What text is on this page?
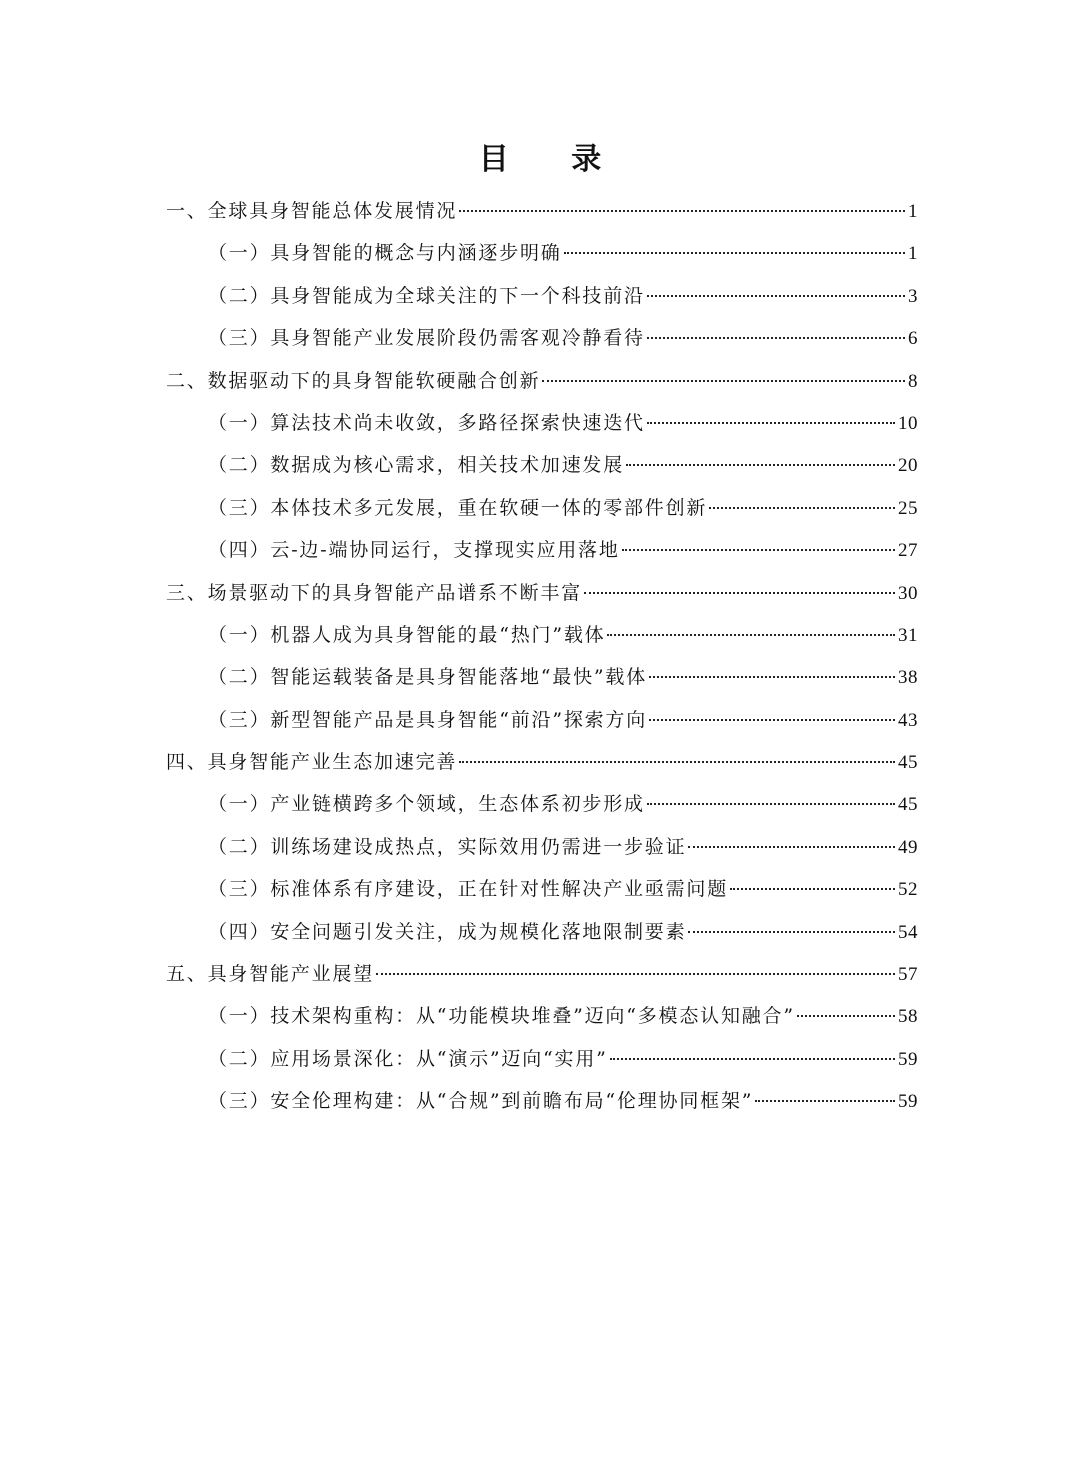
目 录
一、全球具身智能总体发展情况	1
（一）具身智能的概念与内涵逐步明确	1
（二）具身智能成为全球关注的下一个科技前沿	3
（三）具身智能产业发展阶段仍需客观冷静看待	6
二、数据驱动下的具身智能软硬融合创新	8
（一）算法技术尚未收敛，多路径探索快速迭代	10
（二）数据成为核心需求，相关技术加速发展	20
（三）本体技术多元发展，重在软硬一体的零部件创新	25
（四）云-边-端协同运行，支撑现实应用落地	27
三、场景驱动下的具身智能产品谱系不断丰富	30
（一）机器人成为具身智能的最“热门”载体	31
（二）智能运载装备是具身智能落地“最快”载体	38
（三）新型智能产品是具身智能“前沿”探索方向	43
四、具身智能产业生态加速完善	45
（一）产业链横跨多个领域，生态体系初步形成	45
（二）训练场建设成热点，实际效用仍需进一步验证	49
（三）标准体系有序建设，正在针对性解决产业亟需问题	52
（四）安全问题引发关注，成为规模化落地限制要素	54
五、具身智能产业展望	57
（一）技术架构重构：从“功能模块堆叠”迈向“多模态认知融合”	58
（二）应用场景深化：从“演示”迈向“实用”	59
（三）安全伦理构建：从“合规”到前瞻布局“伦理协同框架”	59
